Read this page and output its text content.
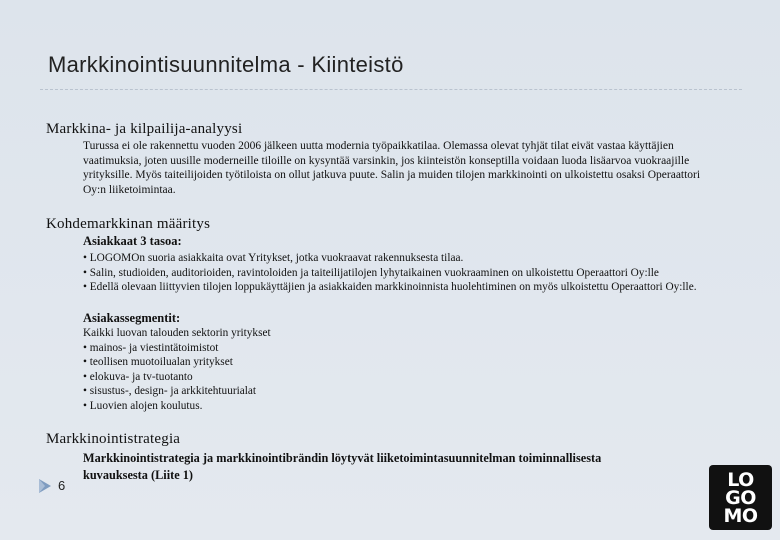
Markkinointisuunnitelma - Kiinteistö
Markkina- ja kilpailija-analyysi
Turussa ei ole rakennettu vuoden 2006 jälkeen uutta modernia työpaikkatilaa. Olemassa olevat tyhjät tilat eivät vastaa käyttäjien
vaatimuksia, joten uusille moderneille tiloille on kysyntää varsinkin, jos kiinteistön konseptilla voidaan luoda lisäarvoa vuokraajille
yrityksille. Myös taiteilijoiden työtiloista on ollut jatkuva puute. Salin ja muiden tilojen markkinointi on ulkoistettu osaksi Operaattori
Oy:n liiketoimintaa.
Kohdemarkkinan määritys
Asiakkaat 3 tasoa:
• LOGOMOn suoria asiakkaita ovat Yritykset, jotka vuokraavat rakennuksesta tilaa.
• Salin, studioiden, auditorioiden, ravintoloiden ja taiteilijatilojen lyhytaikainen vuokraaminen on ulkoistettu Operaattori Oy:lle
• Edellä olevaan liittyvien tilojen loppukäyttäjien ja asiakkaiden markkinoinnista huolehtiminen on myös ulkoistettu Operaattori Oy:lle.
Asiakassegmentit:
Kaikki luovan talouden sektorin yritykset
• mainos- ja viestintätoimistot
• teollisen muotoilualan yritykset
• elokuva- ja tv-tuotanto
• sisustus-, design- ja arkkitehtuurialat
• Luovien alojen koulutus.
Markkinointistrategia
Markkinointistrategia ja markkinointibrändin löytyvät liiketoimintasuunnitelman toiminnallisesta
kuvauksesta (Liite 1)
6	LO
GO
MO
